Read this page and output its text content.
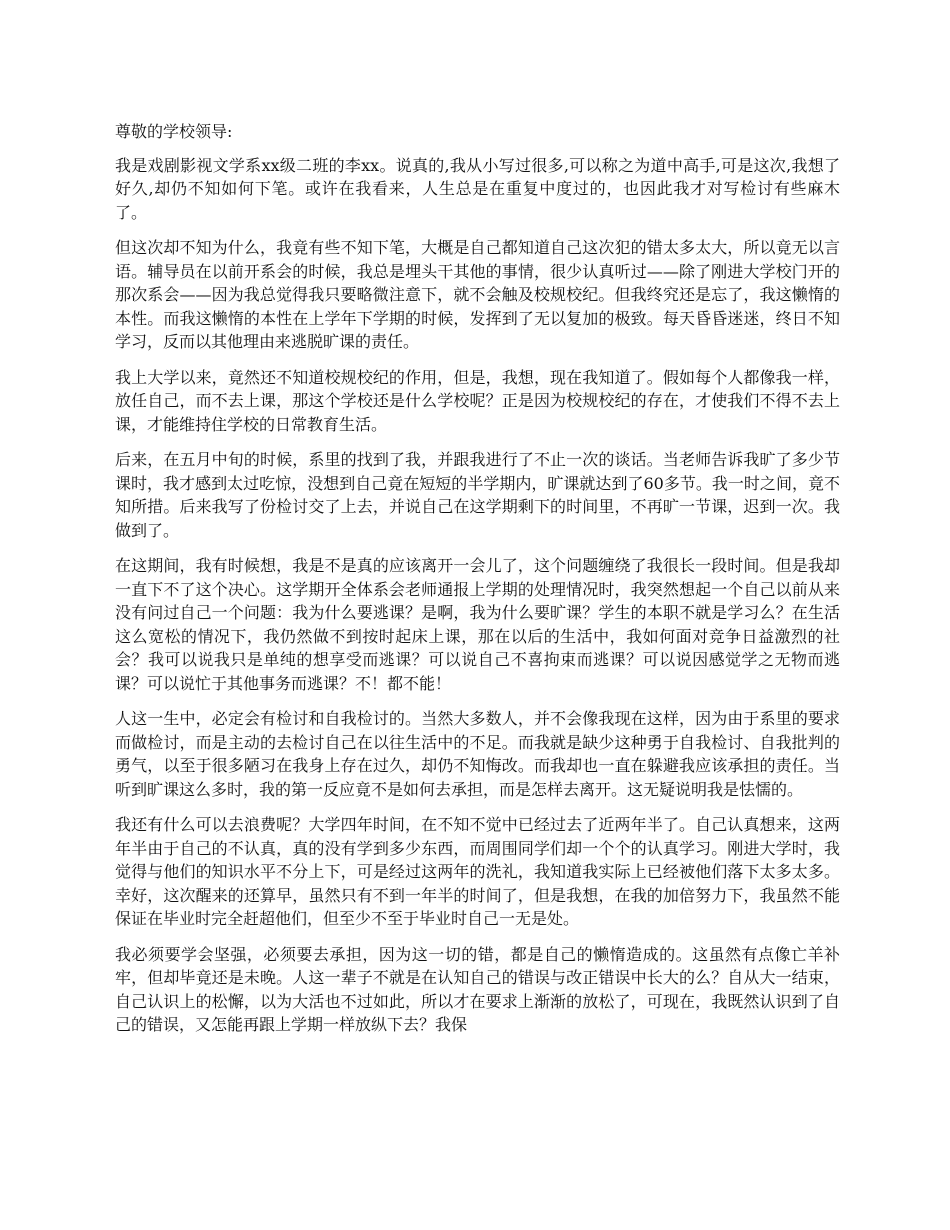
尊敬的学校领导:

我是戏剧影视文学系xx级二班的李xx。说真的,我从小写过很多,可以称之为道中高手,可是这次,我想了好久,却仍不知如何下笔。或许在我看来，人生总是在重复中度过的，也因此我才对写检讨有些麻木了。

但这次却不知为什么，我竟有些不知下笔，大概是自己都知道自己这次犯的错太多太大，所以竟无以言语。辅导员在以前开系会的时候，我总是埋头干其他的事情，很少认真听过——除了刚进大学校门开的那次系会——因为我总觉得我只要略微注意下，就不会触及校规校纪。但我终究还是忘了，我这懒惰的本性。而我这懒惰的本性在上学年下学期的时候，发挥到了无以复加的极致。每天昏昏迷迷，终日不知学习，反而以其他理由来逃脱旷课的责任。

我上大学以来，竟然还不知道校规校纪的作用，但是，我想，现在我知道了。假如每个人都像我一样，放任自己，而不去上课，那这个学校还是什么学校呢？正是因为校规校纪的存在，才使我们不得不去上课，才能维持住学校的日常教育生活。

后来，在五月中旬的时候，系里的找到了我，并跟我进行了不止一次的谈话。当老师告诉我旷了多少节课时，我才感到太过吃惊，没想到自己竟在短短的半学期内，旷课就达到了60多节。我一时之间，竟不知所措。后来我写了份检讨交了上去，并说自己在这学期剩下的时间里，不再旷一节课，迟到一次。我做到了。

在这期间，我有时候想，我是不是真的应该离开一会儿了，这个问题缠绕了我很长一段时间。但是我却一直下不了这个决心。这学期开全体系会老师通报上学期的处理情况时，我突然想起一个自己以前从来没有问过自己一个问题：我为什么要逃课？是啊，我为什么要旷课？学生的本职不就是学习么？在生活这么宽松的情况下，我仍然做不到按时起床上课，那在以后的生活中，我如何面对竞争日益激烈的社会？我可以说我只是单纯的想享受而逃课？可以说自己不喜拘束而逃课？可以说因感觉学之无物而逃课？可以说忙于其他事务而逃课？不！都不能！

人这一生中，必定会有检讨和自我检讨的。当然大多数人，并不会像我现在这样，因为由于系里的要求而做检讨，而是主动的去检讨自己在以往生活中的不足。而我就是缺少这种勇于自我检讨、自我批判的勇气，以至于很多陋习在我身上存在过久，却仍不知悔改。而我却也一直在躲避我应该承担的责任。当听到旷课这么多时，我的第一反应竟不是如何去承担，而是怎样去离开。这无疑说明我是怯懦的。

我还有什么可以去浪费呢？大学四年时间，在不知不觉中已经过去了近两年半了。自己认真想来，这两年半由于自己的不认真，真的没有学到多少东西，而周围同学们却一个个的认真学习。刚进大学时，我觉得与他们的知识水平不分上下，可是经过这两年的洗礼，我知道我实际上已经被他们落下太多太多。幸好，这次醒来的还算早，虽然只有不到一年半的时间了，但是我想，在我的加倍努力下，我虽然不能保证在毕业时完全赶超他们，但至少不至于毕业时自己一无是处。

我必须要学会坚强，必须要去承担，因为这一切的错，都是自己的懒惰造成的。这虽然有点像亡羊补牢，但却毕竟还是未晚。人这一辈子不就是在认知自己的错误与改正错误中长大的么？自从大一结束，自己认识上的松懈，以为大活也不过如此，所以才在要求上渐渐的放松了，可现在，我既然认识到了自己的错误，又怎能再跟上学期一样放纵下去？我保
